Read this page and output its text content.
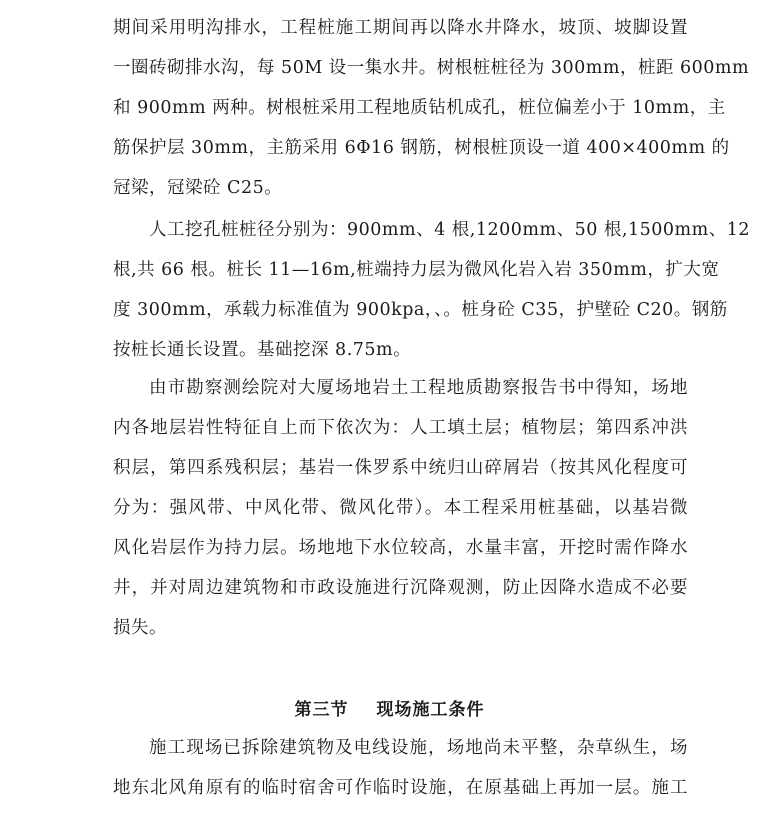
期间采用明沟排水，工程桩施工期间再以降水井降水，坡顶、坡脚设置
一圈砖砌排水沟，每 50M 设一集水井。树根桩桩径为 300mm，桩距 600mm
和 900mm 两种。树根桩采用工程地质钻机成孔，桩位偏差小于 10mm，主
筋保护层 30mm，主筋采用 6Φ16 钢筋，树根桩顶设一道 400×400mm 的
冠梁，冠梁砼 C25。
人工挖孔桩桩径分别为：900mm、4 根,1200mm、50 根,1500mm、12
根,共 66 根。桩长 11—16m,桩端持力层为微风化岩入岩 350mm，扩大宽
度 300mm，承载力标准值为 900kpa，、。桩身砼 C35，护壁砼 C20。钢筋
按桩长通长设置。基础挖深 8.75m。
由市勘察测绘院对大厦场地岩土工程地质勘察报告书中得知，场地
内各地层岩性特征自上而下依次为：人工填土层；植物层；第四系冲洪
积层，第四系残积层；基岩一侏罗系中统归山碎屑岩（按其风化程度可
分为：强风带、中风化带、微风化带）。本工程采用桩基础，以基岩微
风化岩层作为持力层。场地地下水位较高，水量丰富，开挖时需作降水
井，并对周边建筑物和市政设施进行沉降观测，防止因降水造成不必要
损失。
第三节 现场施工条件
施工现场已拆除建筑物及电线设施，场地尚未平整，杂草纵生，场
地东北风角原有的临时宿舍可作临时设施，在原基础上再加一层。施工
